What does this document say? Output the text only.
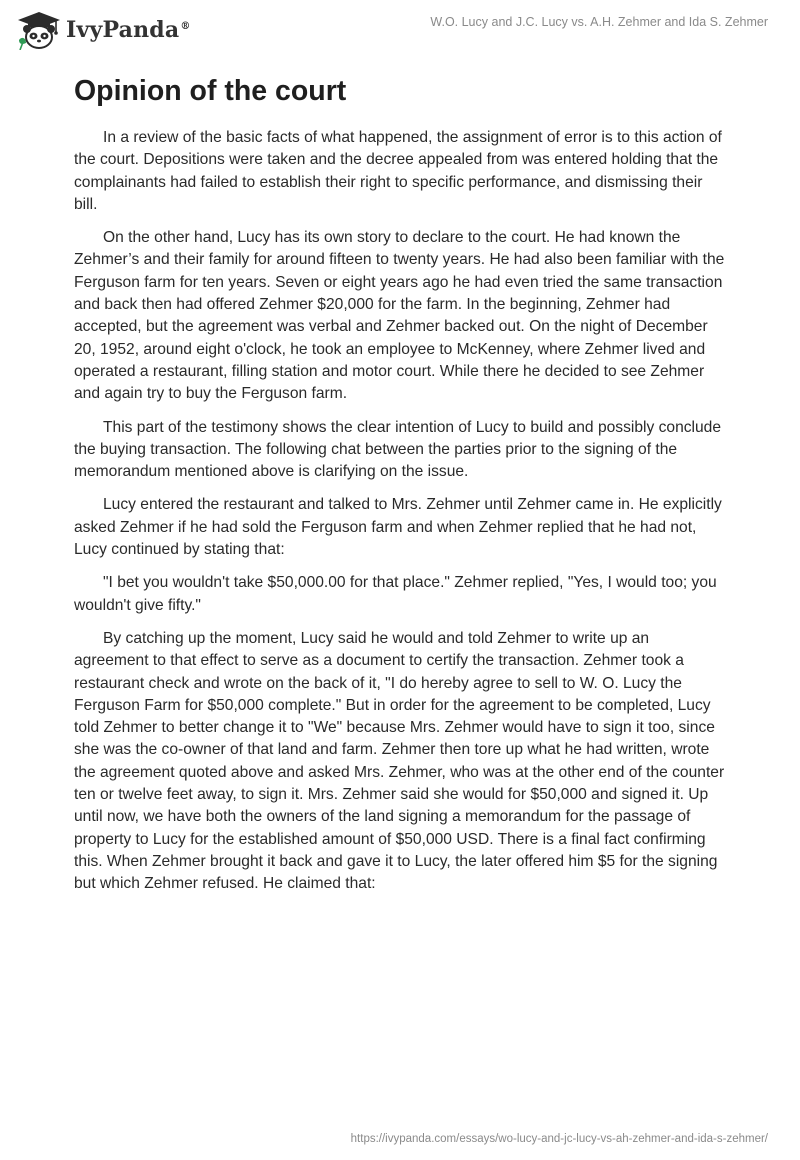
IvyPanda®	W.O. Lucy and J.C. Lucy vs. A.H. Zehmer and Ida S. Zehmer
Opinion of the court

In a review of the basic facts of what happened, the assignment of error is to this action of the court. Depositions were taken and the decree appealed from was entered holding that the complainants had failed to establish their right to specific performance, and dismissing their bill.

On the other hand, Lucy has its own story to declare to the court. He had known the Zehmer’s and their family for around fifteen to twenty years. He had also been familiar with the Ferguson farm for ten years. Seven or eight years ago he had even tried the same transaction and back then had offered Zehmer $20,000 for the farm. In the beginning, Zehmer had accepted, but the agreement was verbal and Zehmer backed out. On the night of December 20, 1952, around eight o'clock, he took an employee to McKenney, where Zehmer lived and operated a restaurant, filling station and motor court. While there he decided to see Zehmer and again try to buy the Ferguson farm.

This part of the testimony shows the clear intention of Lucy to build and possibly conclude the buying transaction. The following chat between the parties prior to the signing of the memorandum mentioned above is clarifying on the issue.

Lucy entered the restaurant and talked to Mrs. Zehmer until Zehmer came in. He explicitly asked Zehmer if he had sold the Ferguson farm and when Zehmer replied that he had not, Lucy continued by stating that:

"I bet you wouldn't take $50,000.00 for that place." Zehmer replied, "Yes, I would too; you wouldn't give fifty."

By catching up the moment, Lucy said he would and told Zehmer to write up an agreement to that effect to serve as a document to certify the transaction. Zehmer took a restaurant check and wrote on the back of it, "I do hereby agree to sell to W. O. Lucy the Ferguson Farm for $50,000 complete." But in order for the agreement to be completed, Lucy told Zehmer to better change it to "We" because Mrs. Zehmer would have to sign it too, since she was the co-owner of that land and farm. Zehmer then tore up what he had written, wrote the agreement quoted above and asked Mrs. Zehmer, who was at the other end of the counter ten or twelve feet away, to sign it. Mrs. Zehmer said she would for $50,000 and signed it. Up until now, we have both the owners of the land signing a memorandum for the passage of property to Lucy for the established amount of $50,000 USD. There is a final fact confirming this. When Zehmer brought it back and gave it to Lucy, the later offered him $5 for the signing but which Zehmer refused. He claimed that:

https://ivypanda.com/essays/wo-lucy-and-jc-lucy-vs-ah-zehmer-and-ida-s-zehmer/
